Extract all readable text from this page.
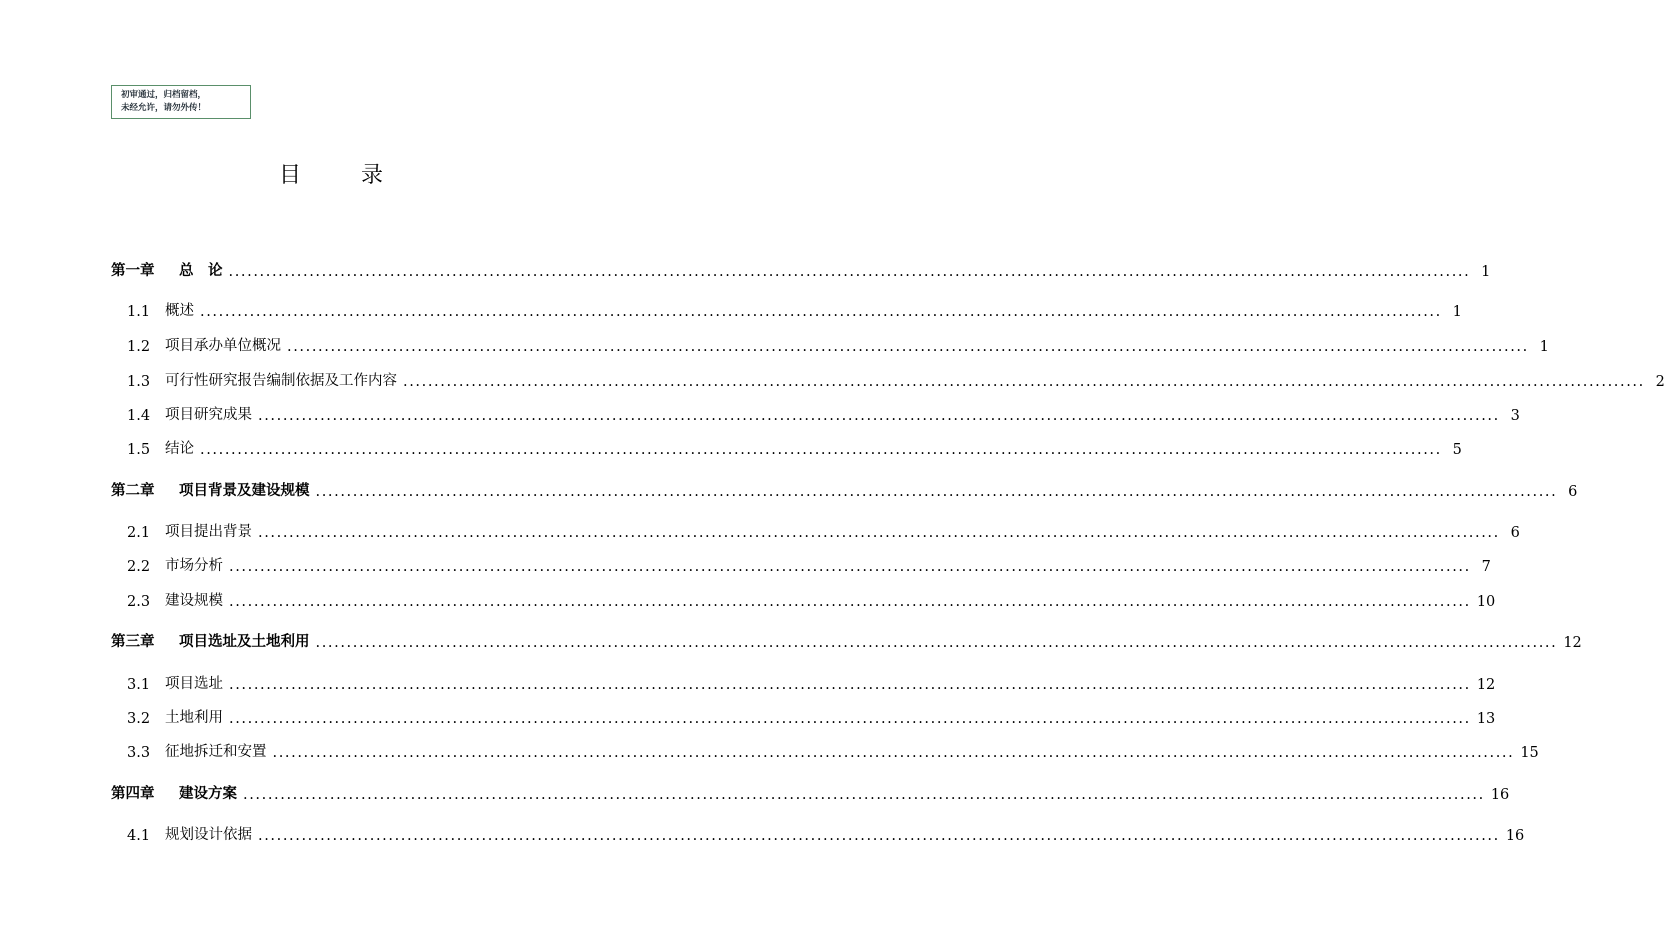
初审通过，归档留档，
未经允许，请勿外传！
目录
第一章	总　论 ........................................................................................................................................................................................................ 1
1.1	概述 ........................................................................................................................................................................................................ 1
1.2	项目承办单位概况 ........................................................................................................................................................................................................ 1
1.3	可行性研究报告编制依据及工作内容 ........................................................................................................................................................................................................ 2
1.4	项目研究成果 ........................................................................................................................................................................................................ 3
1.5	结论 ........................................................................................................................................................................................................ 5
第二章	项目背景及建设规模 ........................................................................................................................................................................................................ 6
2.1	项目提出背景 ........................................................................................................................................................................................................ 6
2.2	市场分析 ........................................................................................................................................................................................................ 7
2.3	建设规模 ........................................................................................................................................................................................................ 10
第三章	项目选址及土地利用 ........................................................................................................................................................................................................ 12
3.1	项目选址 ........................................................................................................................................................................................................ 12
3.2	土地利用 ........................................................................................................................................................................................................ 13
3.3	征地拆迁和安置 ........................................................................................................................................................................................................ 15
第四章	建设方案 ........................................................................................................................................................................................................ 16
4.1	规划设计依据 ........................................................................................................................................................................................................ 16
